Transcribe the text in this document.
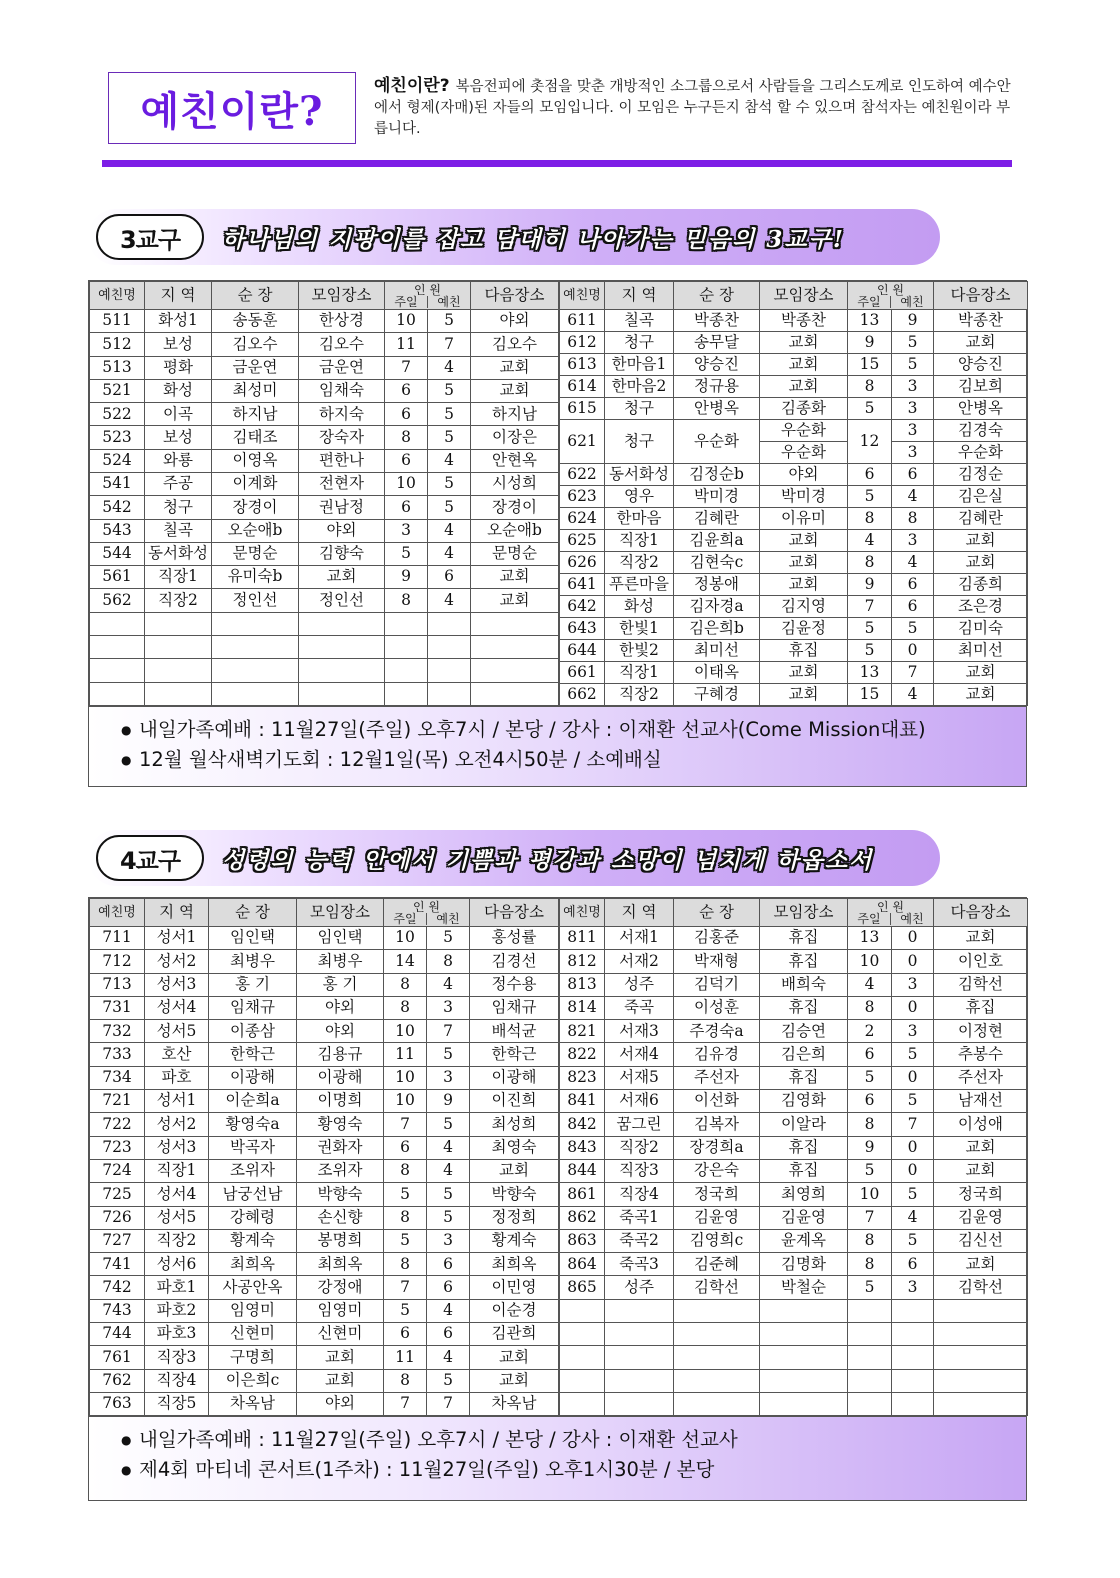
예친이란?
예친이란? 복음전피에 촛점을 맞춘 개방적인 소그룹으로서 사람들을 그리스도께로 인도하여 예수안에서 형제(자매)된 자들의 모임입니다. 이 모임은 누구든지 참석 할 수 있으며 참석자는 예친원이라 부릅니다.
3교구	하나님의 지팡이를 잡고 담대히 나아가는 믿음의 3교구!
예친명	지 역	순 장	모임장소	인 원
주일 예친		다음장소
511	화성1	송동훈	한상경	10	5	야외
512	보성	김오수	김오수	11	7	김오수
513	평화	금운연	금운연	7	4	교회
521	화성	최성미	임채숙	6	5	교회
522	이곡	하지남	하지숙	6	5	하지남
523	보성	김태조	장숙자	8	5	이장은
524	와룡	이영옥	편한나	6	4	안현옥
541	주공	이계화	전현자	10	5	시성희
542	청구	장경이	권남정	6	5	장경이
543	칠곡	오순애b	야외	3	4	오순애b
544	동서화성	문명순	김향숙	5	4	문명순
561	직장1	유미숙b	교회	9	6	교회
562	직장2	정인선	정인선	8	4	교회

예친명	지 역	순 장	모임장소	인 원
주일 예친		다음장소
611	칠곡	박종찬	박종찬	13	9	박종찬
612	청구	송무달	교회	9	5	교회
613	한마음1	양승진	교회	15	5	양승진
614	한마음2	정규용	교회	8	3	김보희
615	청구	안병옥	김종화	5	3	안병옥
621	청구	우순화	우순화	12	3	김경숙
			우순화		3	우순화
622	동서화성	김정순b	야외	6	6	김정순
623	영우	박미경	박미경	5	4	김은실
624	한마음	김혜란	이유미	8	8	김혜란
625	직장1	김윤희a	교회	4	3	교회
626	직장2	김현숙c	교회	8	4	교회
641	푸른마을	정봉애	교회	9	6	김종희
642	화성	김자경a	김지영	7	6	조은경
643	한빛1	김은희b	김윤정	5	5	김미숙
644	한빛2	최미선	휴집	5	0	최미선
661	직장1	이태옥	교회	13	7	교회
662	직장2	구혜경	교회	15	4	교회
● 내일가족예배 : 11월27일(주일) 오후7시 / 본당 / 강사 : 이재환 선교사(Come Mission대표)
● 12월 월삭새벽기도회 : 12월1일(목) 오전4시50분 / 소예배실
4교구	성령의 능력 안에서 기쁨과 평강과 소망이 넘치게 하옵소서
예친명	지 역	순 장	모임장소	인 원
주일 예친		다음장소
711	성서1	임인택	임인택	10	5	홍성률
712	성서2	최병우	최병우	14	8	김경선
713	성서3	홍 기	홍 기	8	4	정수용
731	성서4	임채규	야외	8	3	임채규
732	성서5	이종삼	야외	10	7	배석균
733	호산	한학근	김용규	11	5	한학근
734	파호	이광해	이광해	10	3	이광해
721	성서1	이순희a	이명희	10	9	이진희
722	성서2	황영숙a	황영숙	7	5	최성희
723	성서3	박곡자	권화자	6	4	최영숙
724	직장1	조위자	조위자	8	4	교회
725	성서4	남궁선남	박향숙	5	5	박향숙
726	성서5	강혜령	손신향	8	5	정정희
727	직장2	황계숙	봉명희	5	3	황계숙
741	성서6	최희옥	최희옥	8	6	최희옥
742	파호1	사공안옥	강정애	7	6	이민영
743	파호2	임영미	임영미	5	4	이순경
744	파호3	신현미	신현미	6	6	김관희
761	직장3	구명희	교회	11	4	교회
762	직장4	이은희c	교회	8	5	교회
763	직장5	차옥남	야외	7	7	차옥남
예친명	지 역	순 장	모임장소	인 원
주일 예친		다음장소
811	서재1	김홍준	휴집	13	0	교회
812	서재2	박재형	휴집	10	0	이인호
813	성주	김덕기	배희숙	4	3	김학선
814	죽곡	이성훈	휴집	8	0	휴집
821	서재3	주경숙a	김승연	2	3	이정현
822	서재4	김유경	김은희	6	5	추봉수
823	서재5	주선자	휴집	5	0	주선자
841	서재6	이선화	김영화	6	5	남재선
842	꿈그린	김복자	이알라	8	7	이성애
843	직장2	장경희a	휴집	9	0	교회
844	직장3	강은숙	휴집	5	0	교회
861	직장4	정국희	최영희	10	5	정국희
862	죽곡1	김윤영	김윤영	7	4	김윤영
863	죽곡2	김영희c	윤계옥	8	5	김신선
864	죽곡3	김준혜	김명화	8	6	교회
865	성주	김학선	박철순	5	3	김학선

● 내일가족예배 : 11월27일(주일) 오후7시 / 본당 / 강사 : 이재환 선교사
● 제4회 마티네 콘서트(1주차) : 11월27일(주일) 오후1시30분 / 본당
